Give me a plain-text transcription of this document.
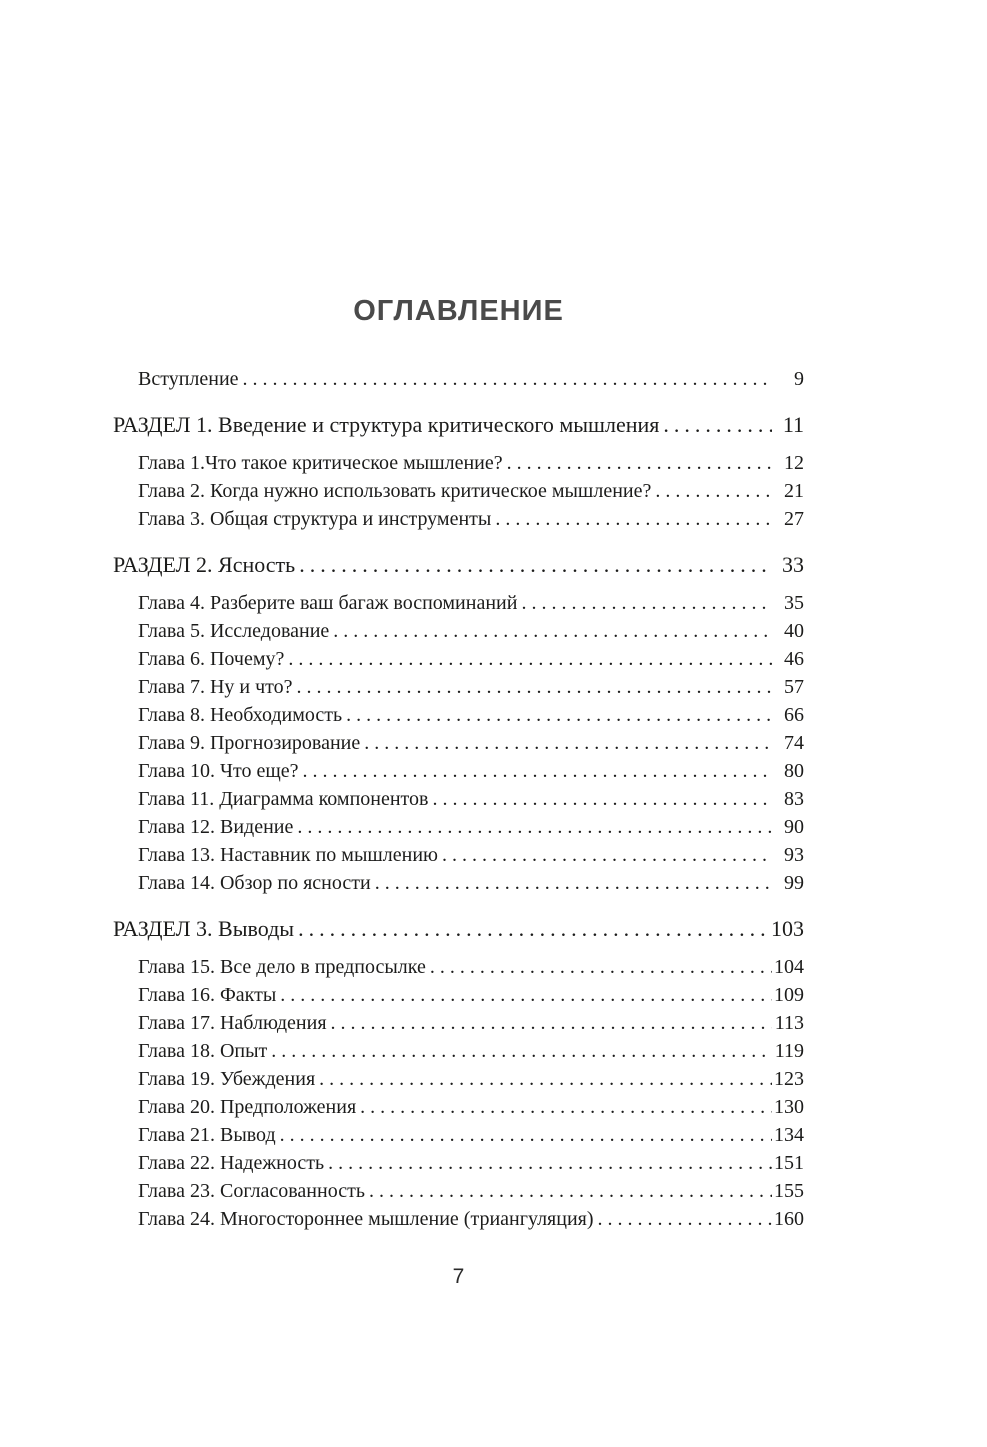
ОГЛАВЛЕНИЕ
Вступление .....	9
РАЗДЕЛ 1. Введение и структура критического мышления .....	11
Глава 1.Что такое критическое мышление? .....	12
Глава 2. Когда нужно использовать критическое мышление? .....	21
Глава 3. Общая структура и инструменты .....	27
РАЗДЕЛ 2. Ясность .....	33
Глава 4. Разберите ваш багаж воспоминаний .....	35
Глава 5. Исследование .....	40
Глава 6. Почему? .....	46
Глава 7. Ну и что? .....	57
Глава 8. Необходимость .....	66
Глава 9. Прогнозирование .....	74
Глава 10. Что еще? .....	80
Глава 11. Диаграмма компонентов .....	83
Глава 12. Видение .....	90
Глава 13. Наставник по мышлению .....	93
Глава 14. Обзор по ясности .....	99
РАЗДЕЛ 3. Выводы .....	103
Глава 15. Все дело в предпосылке .....	104
Глава 16. Факты .....	109
Глава 17. Наблюдения .....	113
Глава 18. Опыт .....	119
Глава 19. Убеждения .....	123
Глава 20. Предположения .....	130
Глава 21. Вывод .....	134
Глава 22. Надежность .....	151
Глава 23. Согласованность .....	155
Глава 24. Многостороннее мышление (триангуляция) .....	160
7
